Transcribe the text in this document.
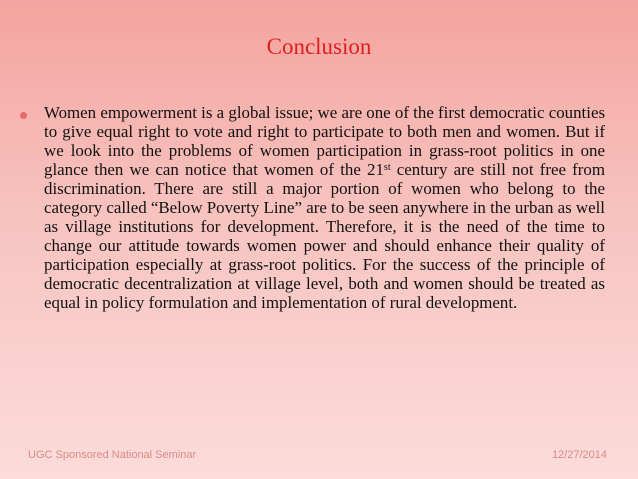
Conclusion

Women empowerment is a global issue; we are one of the first democratic counties to give equal right to vote and right to participate to both men and women. But if we look into the problems of women participation in grass-root politics in one glance then we can notice that women of the 21st century are still not free from discrimination. There are still a major portion of women who belong to the category called “Below Poverty Line” are to be seen anywhere in the urban as well as village institutions for development. Therefore, it is the need of the time to change our attitude towards women power and should enhance their quality of participation especially at grass-root politics. For the success of the principle of democratic decentralization at village level, both and women should be treated as equal in policy formulation and implementation of rural development.

UGC Sponsored National Seminar	12/27/2014
